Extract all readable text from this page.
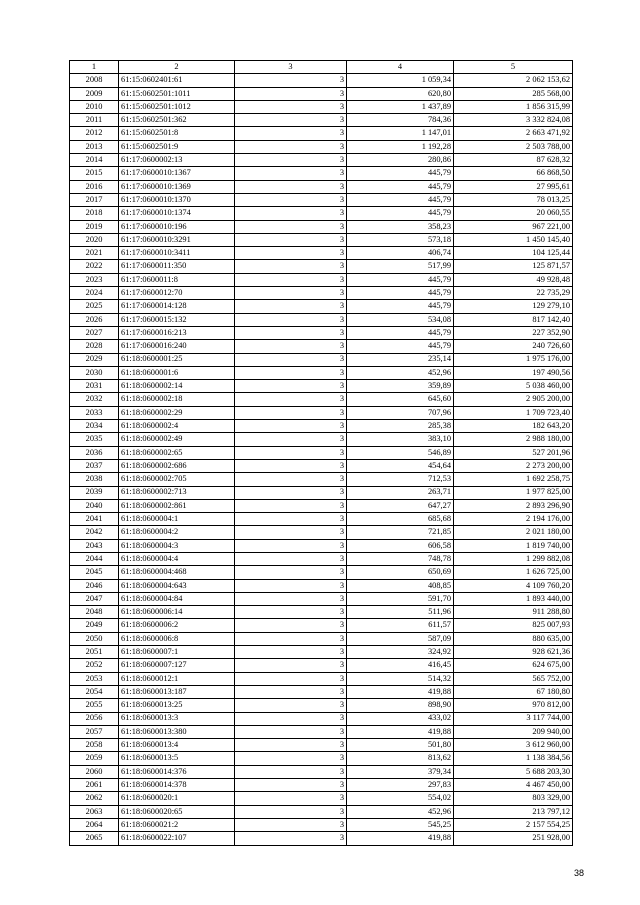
1	2	3	4	5
2008	61:15:0602401:61	3	1 059,34	2 062 153,62
2009	61:15:0602501:1011	3	620,80	285 568,00
2010	61:15:0602501:1012	3	1 437,89	1 856 315,99
2011	61:15:0602501:362	3	784,36	3 332 824,08
2012	61:15:0602501:8	3	1 147,01	2 663 471,92
2013	61:15:0602501:9	3	1 192,28	2 503 788,00
2014	61:17:0600002:13	3	280,86	87 628,32
2015	61:17:0600010:1367	3	445,79	66 868,50
2016	61:17:0600010:1369	3	445,79	27 995,61
2017	61:17:0600010:1370	3	445,79	78 013,25
2018	61:17:0600010:1374	3	445,79	20 060,55
2019	61:17:0600010:196	3	358,23	967 221,00
2020	61:17:0600010:3291	3	573,18	1 450 145,40
2021	61:17:0600010:3411	3	406,74	104 125,44
2022	61:17:0600011:350	3	517,99	125 871,57
2023	61:17:0600011:8	3	445,79	49 928,48
2024	61:17:0600012:70	3	445,79	22 735,29
2025	61:17:0600014:128	3	445,79	129 279,10
2026	61:17:0600015:132	3	534,08	817 142,40
2027	61:17:0600016:213	3	445,79	227 352,90
2028	61:17:0600016:240	3	445,79	240 726,60
2029	61:18:0600001:25	3	235,14	1 975 176,00
2030	61:18:0600001:6	3	452,96	197 490,56
2031	61:18:0600002:14	3	359,89	5 038 460,00
2032	61:18:0600002:18	3	645,60	2 905 200,00
2033	61:18:0600002:29	3	707,96	1 709 723,40
2034	61:18:0600002:4	3	285,38	182 643,20
2035	61:18:0600002:49	3	383,10	2 988 180,00
2036	61:18:0600002:65	3	546,89	527 201,96
2037	61:18:0600002:686	3	454,64	2 273 200,00
2038	61:18:0600002:705	3	712,53	1 692 258,75
2039	61:18:0600002:713	3	263,71	1 977 825,00
2040	61:18:0600002:861	3	647,27	2 893 296,90
2041	61:18:0600004:1	3	685,68	2 194 176,00
2042	61:18:0600004:2	3	721,85	2 021 180,00
2043	61:18:0600004:3	3	606,58	1 819 740,00
2044	61:18:0600004:4	3	748,78	1 299 882,08
2045	61:18:0600004:468	3	650,69	1 626 725,00
2046	61:18:0600004:643	3	408,85	4 109 760,20
2047	61:18:0600004:84	3	591,70	1 893 440,00
2048	61:18:0600006:14	3	511,96	911 288,80
2049	61:18:0600006:2	3	611,57	825 007,93
2050	61:18:0600006:8	3	587,09	880 635,00
2051	61:18:0600007:1	3	324,92	928 621,36
2052	61:18:0600007:127	3	416,45	624 675,00
2053	61:18:0600012:1	3	514,32	565 752,00
2054	61:18:0600013:187	3	419,88	67 180,80
2055	61:18:0600013:25	3	898,90	970 812,00
2056	61:18:0600013:3	3	433,02	3 117 744,00
2057	61:18:0600013:380	3	419,88	209 940,00
2058	61:18:0600013:4	3	501,80	3 612 960,00
2059	61:18:0600013:5	3	813,62	1 138 384,56
2060	61:18:0600014:376	3	379,34	5 688 203,30
2061	61:18:0600014:378	3	297,83	4 467 450,00
2062	61:18:0600020:1	3	554,02	803 329,00
2063	61:18:0600020:65	3	452,96	213 797,12
2064	61:18:0600021:2	3	545,25	2 157 554,25
2065	61:18:0600022:107	3	419,88	251 928,00
38
